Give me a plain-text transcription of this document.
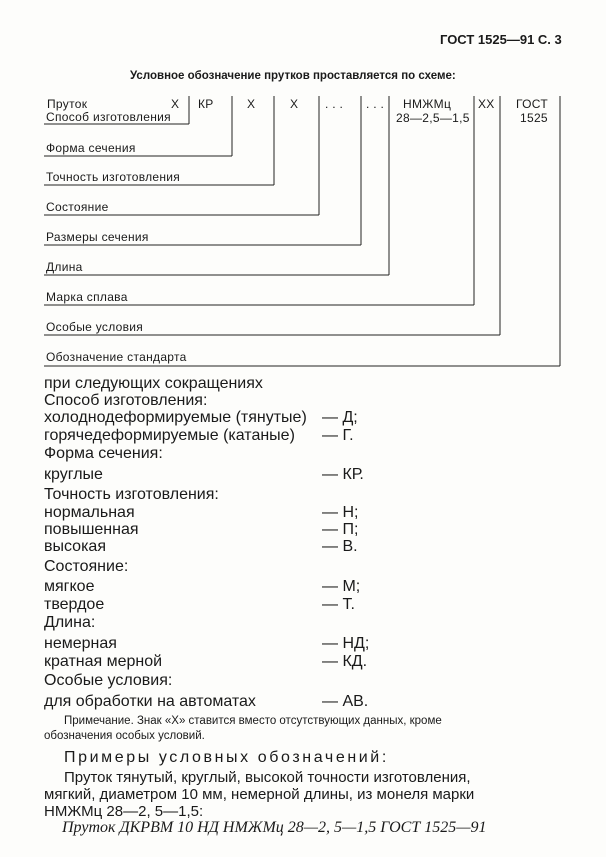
ГОСТ 1525—91 С. 3
Условное обозначение прутков проставляется по схеме:
Пруток	Х КР	Х	Х . . . . . . НМЖМц
28—2,5—1,5
ХХ ГОСТ
1525
Способ изготовления
Форма сечения
Точность изготовления
Состояние
Размеры сечения
Длина
Марка сплава
Особые условия
Обозначение стандарта
при следующих сокращениях
Способ изготовления:
холоднодеформируемые (тянутые) — Д;
горячедеформируемые (катаные) — Г.
Форма сечения:
круглые	— КР.
Точность изготовления:
нормальная	— Н;
повышенная	— П;
высокая	— В.
Состояние:
мягкое	— М;
твердое	— Т.
Длина:
немерная	— НД;
кратная мерной	— КД.
Особые условия:
для обработки на автоматах	— АВ.
Примечание. Знак «Х» ставится вместо отсутствующих данных, кроме
обозначения особых условий.
Примеры условных обозначений:
Пруток тянутый, круглый, высокой точности изготовления,
мягкий, диаметром 10 мм, немерной длины, из монеля марки
НМЖМц 28—2, 5—1,5:
Пруток ДКРВМ 10 НД НМЖМц 28—2, 5—1,5 ГОСТ 1525—91
